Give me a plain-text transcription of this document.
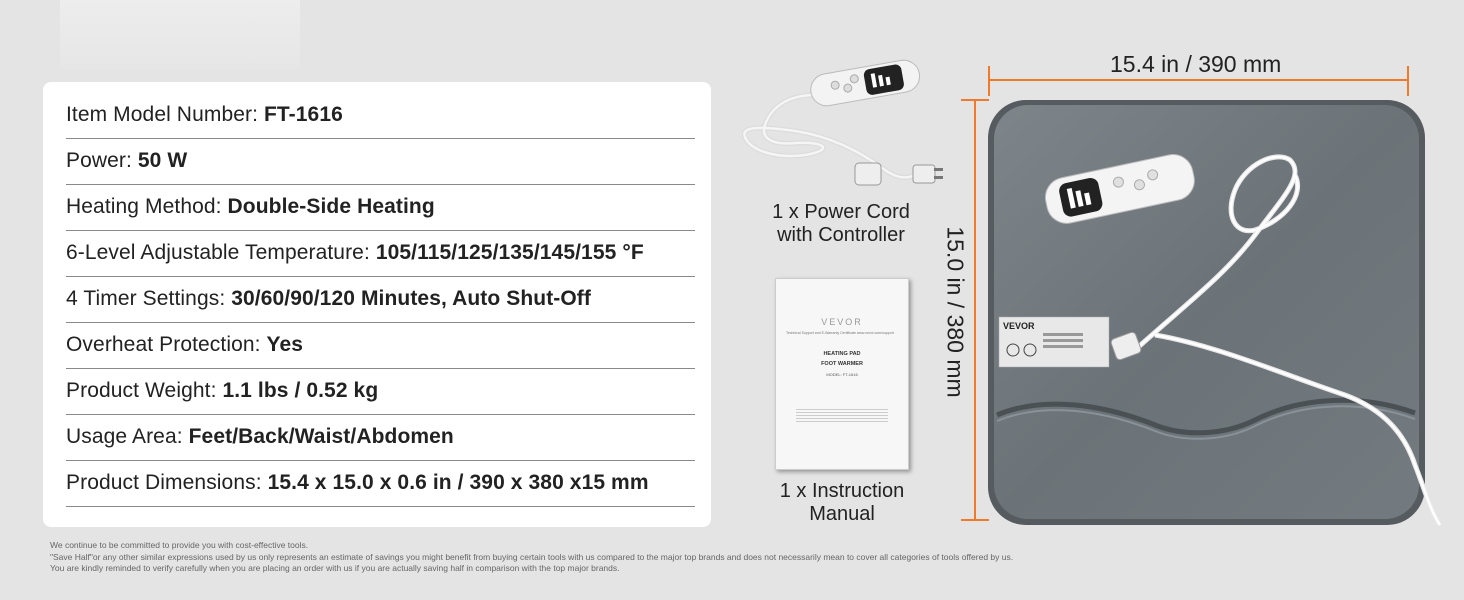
Item Model Number: FT-1616
Power: 50 W
Heating Method: Double-Side Heating
6-Level Adjustable Temperature: 105/115/125/135/145/155 °F
4 Timer Settings: 30/60/90/120 Minutes, Auto Shut-Off
Overheat Protection: Yes
Product Weight: 1.1 lbs / 0.52 kg
Usage Area: Feet/Back/Waist/Abdomen
Product Dimensions: 15.4 x 15.0 x 0.6 in / 390 x 380 x15 mm
1 x Power Cord
with Controller
VEVOR
Technical Support and E-Warranty Certificate www.vevor.com/support
HEATING PAD
FOOT WARMER
MODEL: FT-1616
1 x Instruction
Manual
15.4 in / 390 mm
15.0 in / 380 mm	VEVOR
We continue to be committed to provide you with cost-effective tools.
"Save Half"or any other similar expressions used by us only represents an estimate of savings you might benefit from buying certain tools with us compared to the major top brands and does not necessarily mean to cover all categories of tools offered by us.
You are kindly reminded to verify carefully when you are placing an order with us if you are actually saving half in comparison with the top major brands.
